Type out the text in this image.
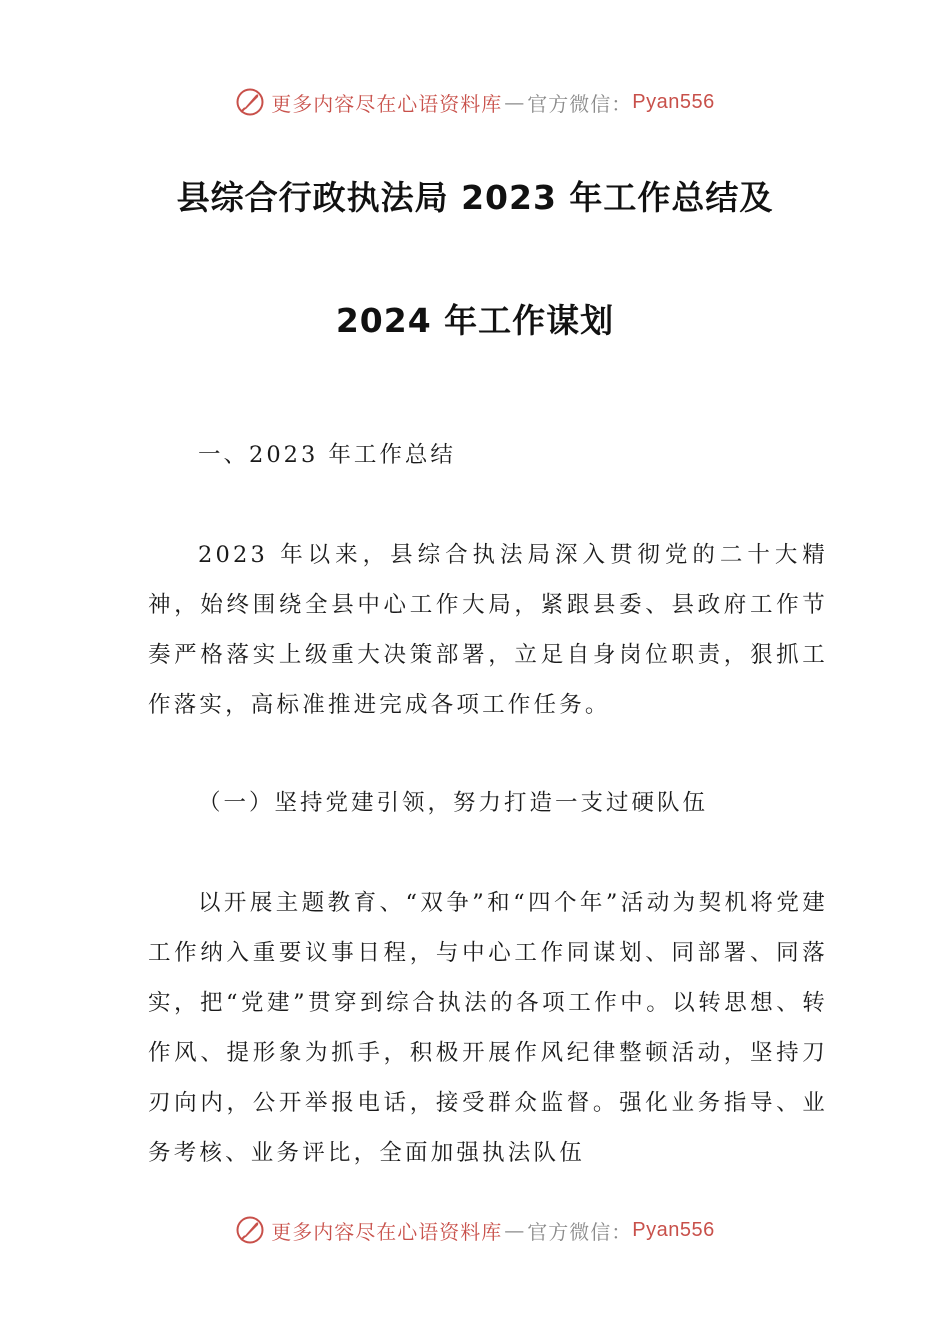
更多内容尽在心语资料库 — 官方微信： Pyan556
县综合行政执法局 2023 年工作总结及
2024 年工作谋划
一、2023 年工作总结
2023 年以来，县综合执法局深入贯彻党的二十大精神，始终围绕全县中心工作大局，紧跟县委、县政府工作节奏严格落实上级重大决策部署，立足自身岗位职责，狠抓工作落实，高标准推进完成各项工作任务。
（一）坚持党建引领，努力打造一支过硬队伍
以开展主题教育、“双争”和“四个年”活动为契机将党建工作纳入重要议事日程，与中心工作同谋划、同部署、同落实，把“党建”贯穿到综合执法的各项工作中。以转思想、转作风、提形象为抓手，积极开展作风纪律整顿活动，坚持刀刃向内，公开举报电话，接受群众监督。强化业务指导、业务考核、业务评比，全面加强执法队伍
更多内容尽在心语资料库 — 官方微信： Pyan556
